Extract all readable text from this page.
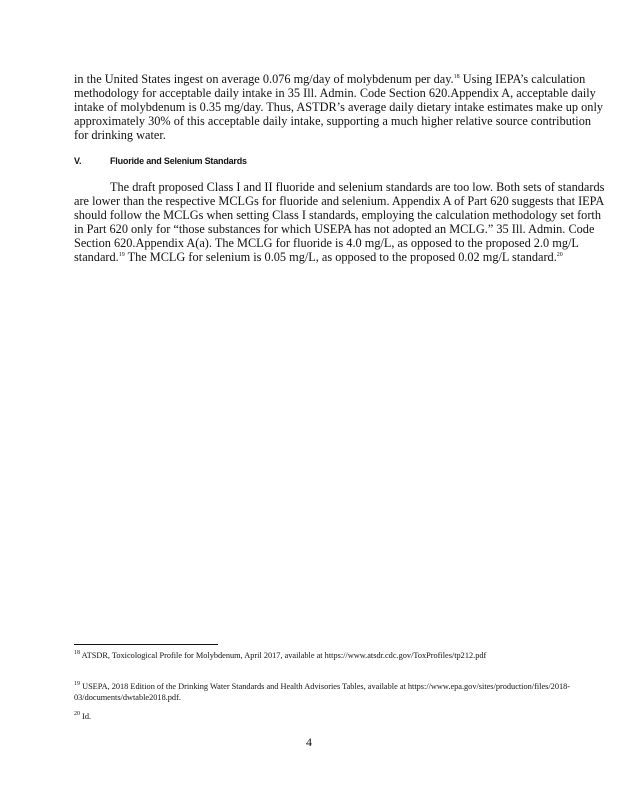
in the United States ingest on average 0.076 mg/day of molybdenum per day.$^{18}$ Using IEPA’s calculation methodology for acceptable daily intake in 35 Ill. Admin. Code Section 620.Appendix A, acceptable daily intake of molybdenum is 0.35 mg/day. Thus, ASTDR’s average daily dietary intake estimates make up only approximately 30% of this acceptable daily intake, supporting a much higher relative source contribution for drinking water.

V.	Fluoride and Selenium Standards

The draft proposed Class I and II fluoride and selenium standards are too low. Both sets of standards are lower than the respective MCLGs for fluoride and selenium. Appendix A of Part 620 suggests that IEPA should follow the MCLGs when setting Class I standards, employing the calculation methodology set forth in Part 620 only for “those substances for which USEPA has not adopted an MCLG.” 35 Ill. Admin. Code Section 620.Appendix A(a). The MCLG for fluoride is 4.0 mg/L, as opposed to the proposed 2.0 mg/L standard.$^{19}$ The MCLG for selenium is 0.05 mg/L, as opposed to the proposed 0.02 mg/L standard.$^{20}$

$^{18}$ ATSDR, Toxicological Profile for Molybdenum, April 2017, available at https://www.atsdr.cdc.gov/ToxProfiles/tp212.pdf

$^{19}$ USEPA, 2018 Edition of the Drinking Water Standards and Health Advisories Tables, available at https://www.epa.gov/sites/production/files/2018-03/documents/dwtable2018.pdf.

$^{20}$ Id.

4
